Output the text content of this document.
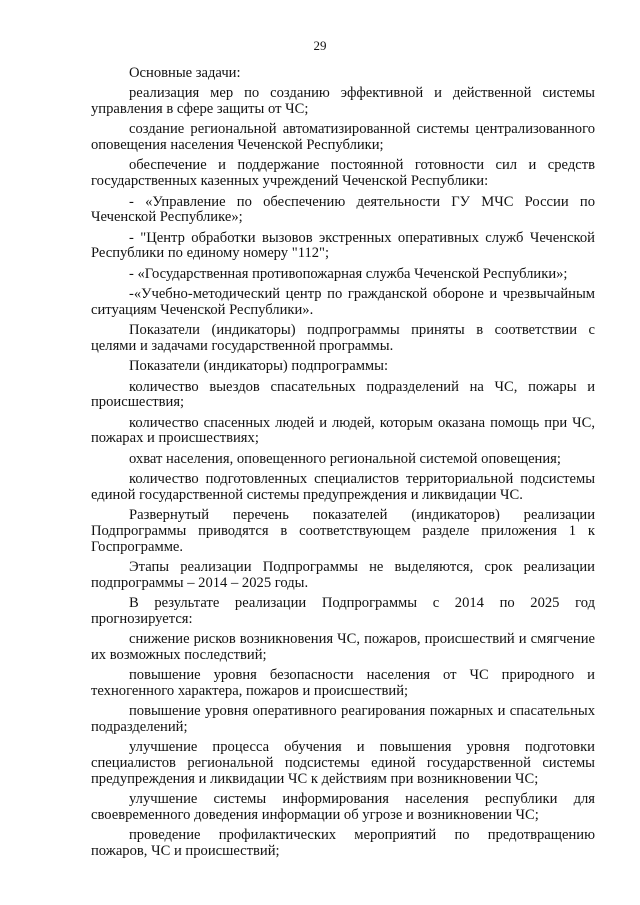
29

Основные задачи:

реализация мер по созданию эффективной и действенной системы управления в сфере защиты от ЧС;

создание региональной автоматизированной системы централизованного оповещения населения Чеченской Республики;

обеспечение и поддержание постоянной готовности сил и средств государственных казенных учреждений Чеченской Республики:

- «Управление по обеспечению деятельности ГУ МЧС России по Чеченской Республике»;

- "Центр обработки вызовов экстренных оперативных служб Чеченской Республики по единому номеру "112";

- «Государственная противопожарная служба Чеченской Республики»;

-«Учебно-методический центр по гражданской обороне и чрезвычайным ситуациям Чеченской Республики».

Показатели (индикаторы) подпрограммы приняты в соответствии с целями и задачами государственной программы.

Показатели (индикаторы) подпрограммы:

количество выездов спасательных подразделений на ЧС, пожары и происшествия;

количество спасенных людей и людей, которым оказана помощь при ЧС, пожарах и происшествиях;

охват населения, оповещенного региональной системой оповещения;

количество подготовленных специалистов территориальной подсистемы единой государственной системы предупреждения и ликвидации ЧС.

Развернутый перечень показателей (индикаторов) реализации Подпрограммы приводятся в соответствующем разделе приложения 1 к Госпрограмме.

Этапы реализации Подпрограммы не выделяются, срок реализации подпрограммы – 2014 – 2025 годы.

В результате реализации Подпрограммы с 2014 по 2025 год прогнозируется:

снижение рисков возникновения ЧС, пожаров, происшествий и смягчение их возможных последствий;

повышение уровня безопасности населения от ЧС природного и техногенного характера, пожаров и происшествий;

повышение уровня оперативного реагирования пожарных и спасательных подразделений;

улучшение процесса обучения и повышения уровня подготовки специалистов региональной подсистемы единой государственной системы предупреждения и ликвидации ЧС к действиям при возникновении ЧС;

улучшение системы информирования населения республики для своевременного доведения информации об угрозе и возникновении ЧС;

проведение профилактических мероприятий по предотвращению пожаров, ЧС и происшествий;
